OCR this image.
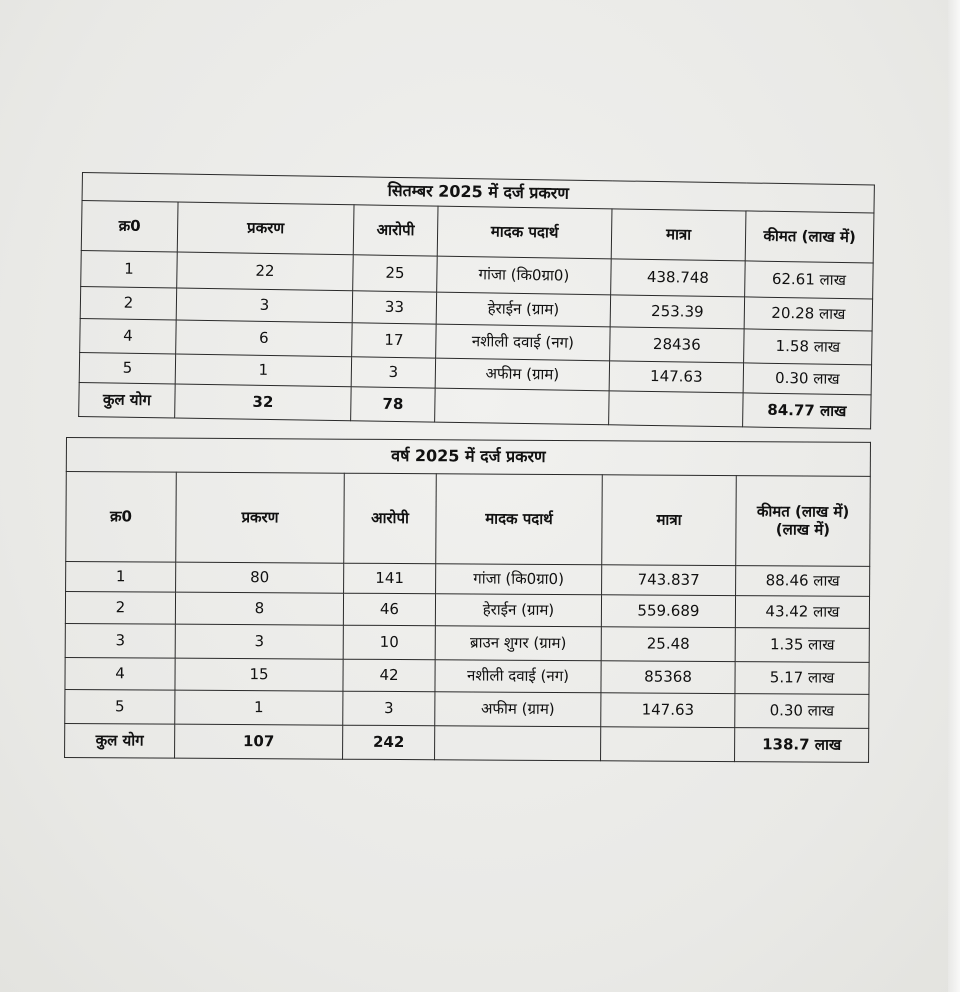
सितम्बर 2025 में दर्ज प्रकरण					
क्र0	प्रकरण	आरोपी	मादक पदार्थ	मात्रा	कीमत (लाख में)
1	22	25	गांजा (कि0ग्रा0)	438.748	62.61 लाख
2	3	33	हेराईन (ग्राम)	253.39	20.28 लाख
4	6	17	नशीली दवाई (नग)	28436	1.58 लाख
5	1	3	अफीम (ग्राम)	147.63	0.30 लाख
कुल योग	32	78			84.77 लाख
वर्ष 2025 में दर्ज प्रकरण					
क्र0	प्रकरण	आरोपी	मादक पदार्थ	मात्रा	कीमत (लाख में) (लाख में)
1	80	141	गांजा (कि0ग्रा0)	743.837	88.46 लाख
2	8	46	हेराईन (ग्राम)	559.689	43.42 लाख
3	3	10	ब्राउन शुगर (ग्राम)	25.48	1.35 लाख
4	15	42	नशीली दवाई (नग)	85368	5.17 लाख
5	1	3	अफीम (ग्राम)	147.63	0.30 लाख
कुल योग	107	242			138.7 लाख
